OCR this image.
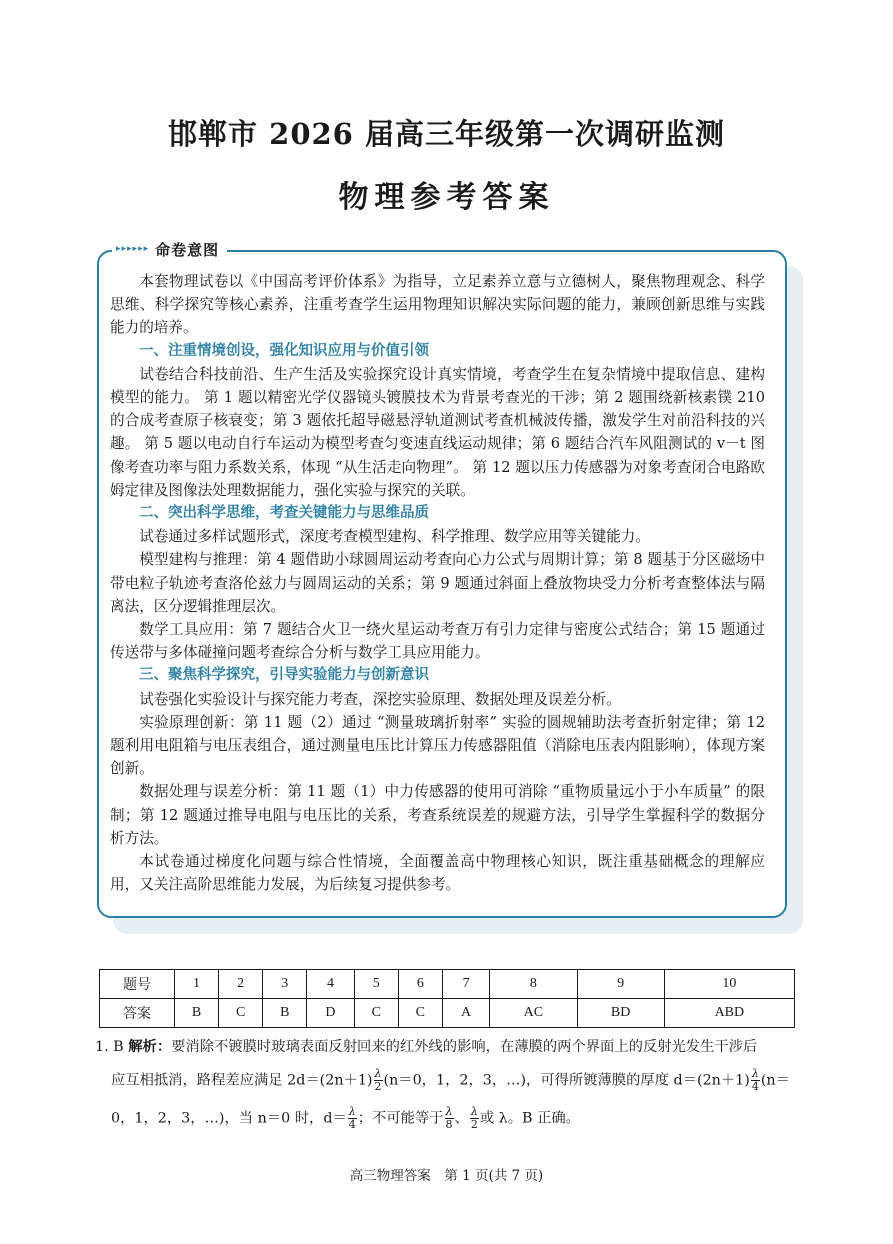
邯郸市 2026 届高三年级第一次调研监测
物理参考答案
▸▸▸▸▸▸ 命卷意图

本套物理试卷以《中国高考评价体系》为指导，立足素养立意与立德树人，聚焦物理观念、科学思维、科学探究等核心素养，注重考查学生运用物理知识解决实际问题的能力，兼顾创新思维与实践能力的培养。

一、注重情境创设，强化知识应用与价值引领

试卷结合科技前沿、生产生活及实验探究设计真实情境，考查学生在复杂情境中提取信息、建构模型的能力。 第 1 题以精密光学仪器镜头镀膜技术为背景考查光的干涉；第 2 题围绕新核素镤 210 的合成考查原子核衰变；第 3 题依托超导磁悬浮轨道测试考查机械波传播，激发学生对前沿科技的兴趣。 第 5 题以电动自行车运动为模型考查匀变速直线运动规律；第 6 题结合汽车风阻测试的 v－t 图像考查功率与阻力系数关系，体现 “从生活走向物理”。 第 12 题以压力传感器为对象考查闭合电路欧姆定律及图像法处理数据能力，强化实验与探究的关联。

二、突出科学思维，考查关键能力与思维品质

试卷通过多样试题形式，深度考查模型建构、科学推理、数学应用等关键能力。

模型建构与推理：第 4 题借助小球圆周运动考查向心力公式与周期计算；第 8 题基于分区磁场中带电粒子轨迹考查洛伦兹力与圆周运动的关系；第 9 题通过斜面上叠放物块受力分析考查整体法与隔离法，区分逻辑推理层次。

数学工具应用：第 7 题结合火卫一绕火星运动考查万有引力定律与密度公式结合；第 15 题通过传送带与多体碰撞问题考查综合分析与数学工具应用能力。

三、聚焦科学探究，引导实验能力与创新意识

试卷强化实验设计与探究能力考查，深挖实验原理、数据处理及误差分析。

实验原理创新：第 11 题（2）通过 “测量玻璃折射率” 实验的圆规辅助法考查折射定律；第 12 题利用电阻箱与电压表组合，通过测量电压比计算压力传感器阻值（消除电压表内阻影响），体现方案创新。

数据处理与误差分析：第 11 题（1）中力传感器的使用可消除 “重物质量远小于小车质量” 的限制；第 12 题通过推导电阻与电压比的关系，考查系统误差的规避方法，引导学生掌握科学的数据分析方法。

本试卷通过梯度化问题与综合性情境，全面覆盖高中物理核心知识，既注重基础概念的理解应用，又关注高阶思维能力发展，为后续复习提供参考。

题号	1	2	3	4	5	6	7	8	9	10
答案	B	C	B	D	C	C	A	AC	BD	ABD
1. B 解析：要消除不镀膜时玻璃表面反射回来的红外线的影响，在薄膜的两个界面上的反射光发生干涉后
应互相抵消，路程差应满足 $2d=(2n+1) \frac{\lambda}{2} (n=0$，1，2，3，…)，可得所镀薄膜的厚度 $d=(2n+1) \frac{\lambda}{4} (n=$
0，1，2，3，…)，当 n＝0 时，$d= \frac{\lambda}{4}$ ；不可能等于 $\frac{\lambda}{8}$ 、 $\frac{\lambda}{2}$ 或 λ。B 正确。
高三物理答案　第 1 页(共 7 页)
